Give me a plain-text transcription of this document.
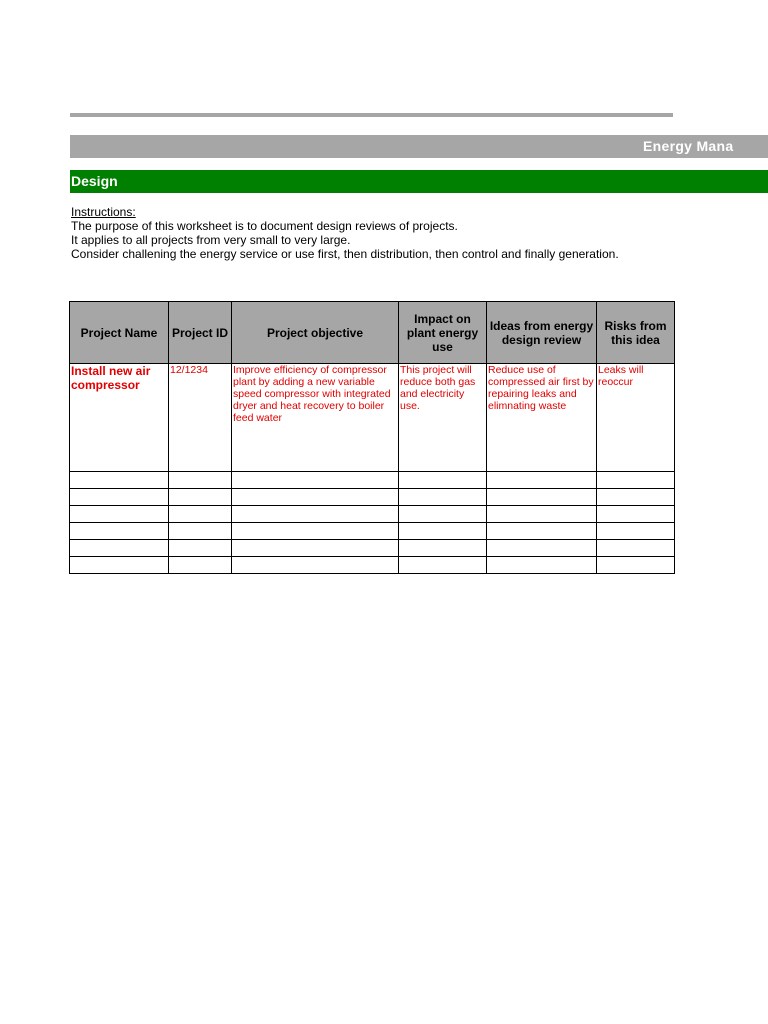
Energy Mana
Design
Instructions:
The purpose of this worksheet is to document design reviews of projects.
It applies to all projects from very small to very large.
Consider challening the energy service or use first, then distribution, then control and finally generation.
Project Name	Project ID	Project objective	Impact on plant energy use	Ideas from energy design review	Risks from this idea
Install new air compressor	12/1234	Improve efficiency of compressor plant by adding a new variable speed compressor with integrated dryer and heat recovery to boiler feed water	This project will reduce both gas and electricity use.	Reduce use of compressed air first by repairing leaks and elimnating waste	Leaks will reoccur
